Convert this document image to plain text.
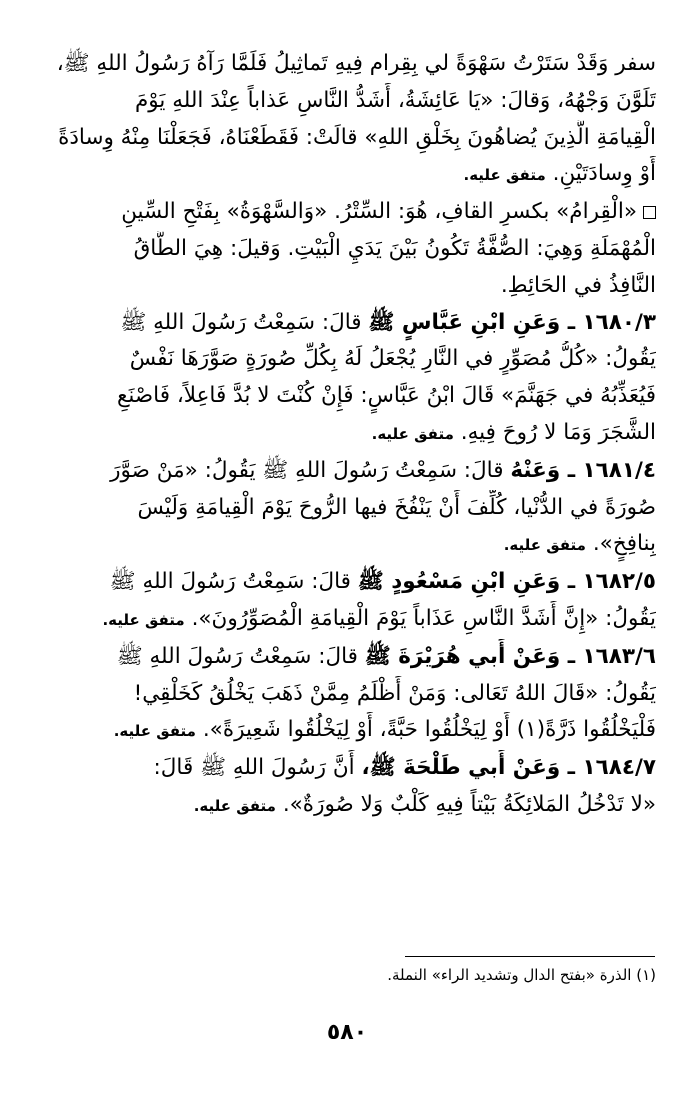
سفر وَقَدْ سَتَرْتُ سَهْوَةً لي بِقِرام فِيهِ تَماثِيلُ فَلَمَّا رَآهُ رَسُولُ اللهِ ﷺ،
تَلَوَّنَ وَجْهُهُ، وَقالَ: «يَا عَائِشَةُ، أَشَدُّ النَّاسِ عَذاباً عِنْدَ اللهِ يَوْمَ
الْقِيامَةِ الَّذِينَ يُضاهُونَ بِخَلْقِ اللهِ» قالَتْ: فَقَطَعْنَاهُ، فَجَعَلْنَا مِنْهُ وِسادَةً
أَوْ وِسادَتَيْنِ. متفق عليه.
«الْقِرامُ» بكسرِ القافِ، هُوَ: السِّتْرُ. «وَالسَّهْوَةُ» بِفَتْحِ السِّينِ
الْمُهْمَلَةِ وَهِيَ: الصُّفَّةُ تَكُونُ بَيْنَ يَدَيِ الْبَيْتِ. وَقيلَ: هِيَ الطَّاقُ
النَّافِذُ في الحَائِطِ.
١٦٨٠/٣ ـ وَعَنِ ابْنِ عَبَّاسٍ ﷺ قالَ: سَمِعْتُ رَسُولَ اللهِ ﷺ
يَقُولُ: «كُلُّ مُصَوِّرٍ في النَّارِ يُجْعَلُ لَهُ بِكُلِّ صُورَةٍ صَوَّرَهَا نَفْسٌ
فَيُعَذِّبُهُ في جَهَنَّمَ» قَالَ ابْنُ عَبَّاسٍ: فَإِنْ كُنْتَ لا بُدَّ فَاعِلاً، فَاصْنَعِ
الشَّجَرَ وَمَا لا رُوحَ فِيهِ. متفق عليه.
١٦٨١/٤ ـ وَعَنْهُ قالَ: سَمِعْتُ رَسُولَ اللهِ ﷺ يَقُولُ: «مَنْ صَوَّرَ
صُورَةً في الدُّنْيا، كُلِّفَ أَنْ يَنْفُخَ فيها الرُّوحَ يَوْمَ الْقِيامَةِ وَلَيْسَ
بِنافِخٍ». متفق عليه.
١٦٨٢/٥ ـ وَعَنِ ابْنِ مَسْعُودٍ ﷺ قالَ: سَمِعْتُ رَسُولَ اللهِ ﷺ
يَقُولُ: «إِنَّ أَشَدَّ النَّاسِ عَذَاباً يَوْمَ الْقِيامَةِ الْمُصَوِّرُونَ». متفق عليه.
١٦٨٣/٦ ـ وَعَنْ أَبي هُرَيْرَةَ ﷺ قالَ: سَمِعْتُ رَسُولَ اللهِ ﷺ
يَقُولُ: «قَالَ اللهُ تَعَالى: وَمَنْ أَظْلَمُ مِمَّنْ ذَهَبَ يَخْلُقُ كَخَلْقِي!
فَلْيَخْلُقُوا ذَرَّةً(١) أَوْ لِيَخْلُقُوا حَبَّةً، أَوْ لِيَخْلُقُوا شَعِيرَةً». متفق عليه.
١٦٨٤/٧ ـ وَعَنْ أَبي طَلْحَةَ ﷺ، أَنَّ رَسُولَ اللهِ ﷺ قَالَ:
«لا تَدْخُلُ المَلائِكَةُ بَيْتاً فِيهِ كَلْبٌ وَلا صُورَةٌ». متفق عليه.
(١) الذرة «بفتح الدال وتشديد الراء» النملة.
٥٨٠
